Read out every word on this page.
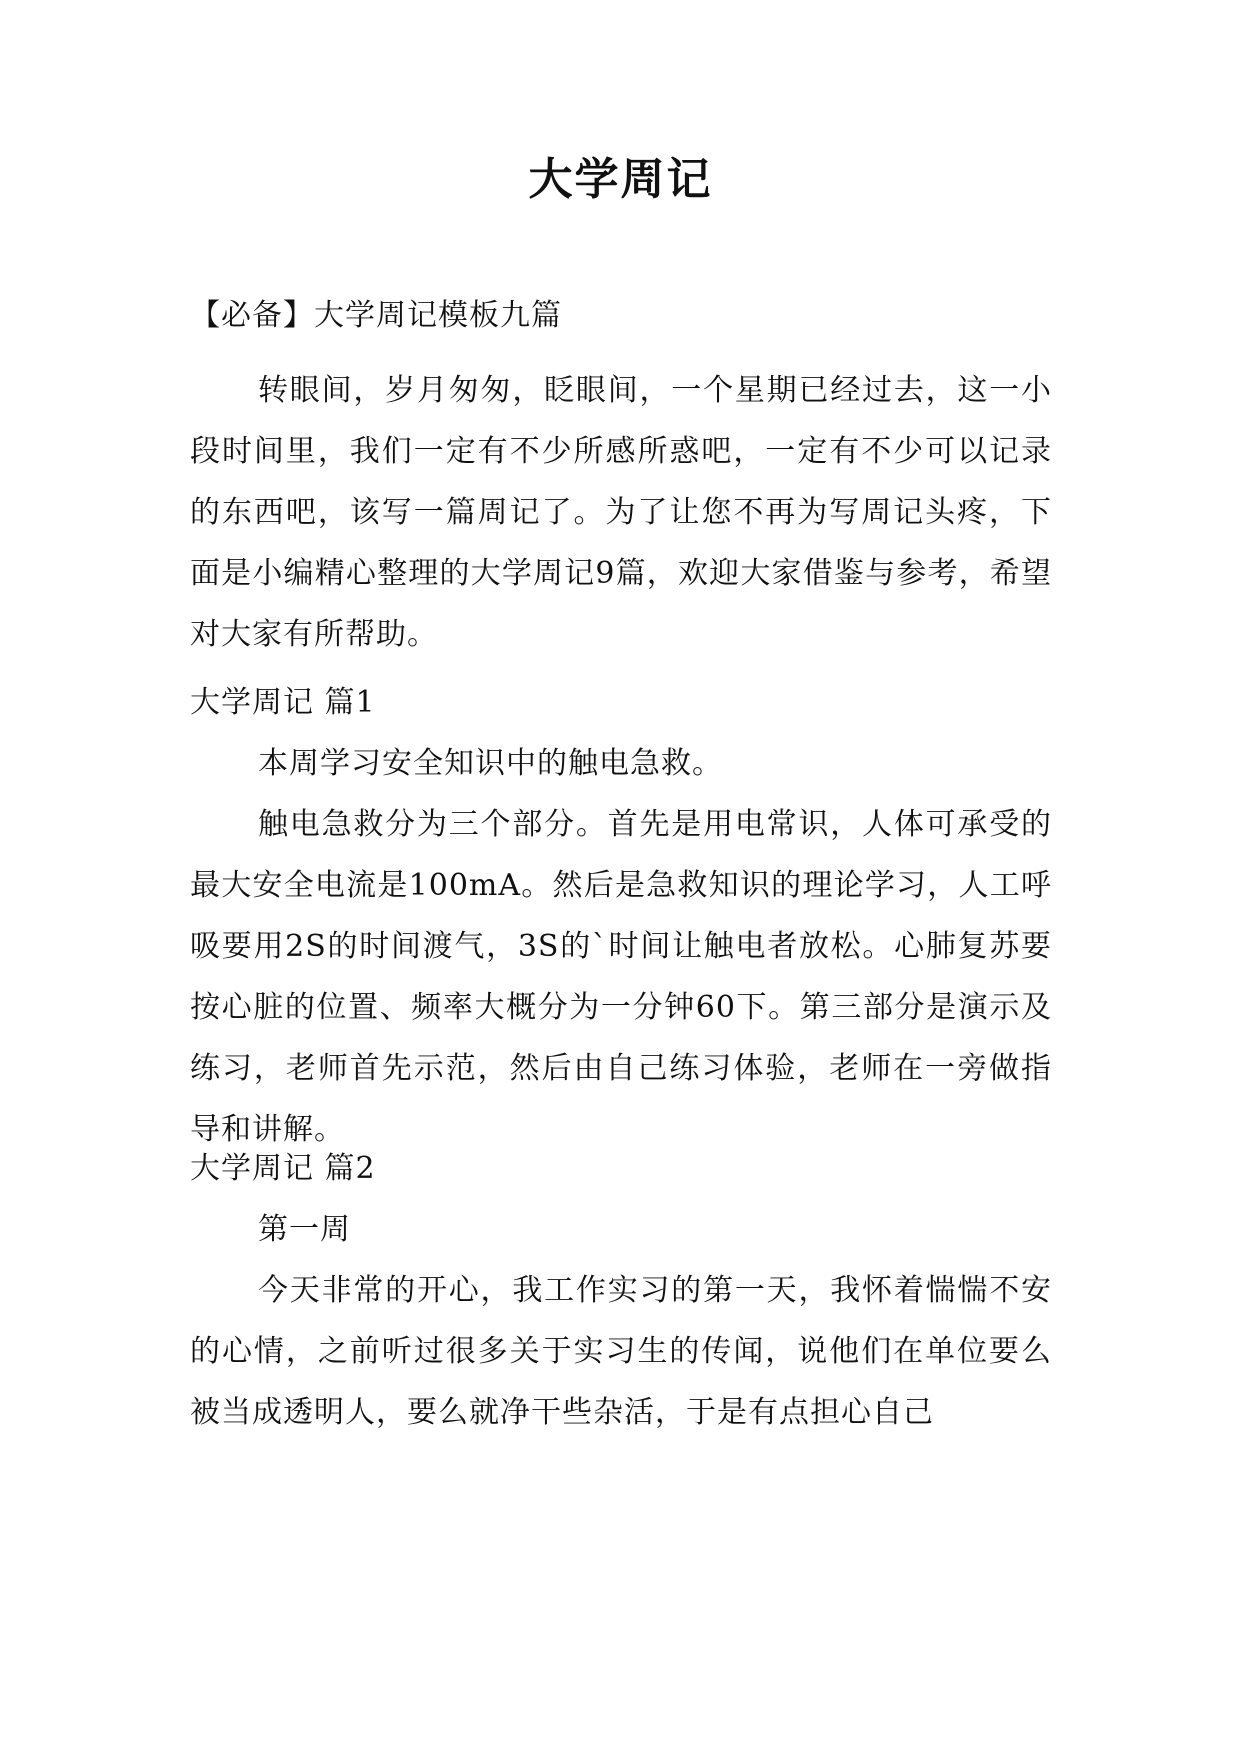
大学周记
【必备】大学周记模板九篇

转眼间，岁月匆匆，眨眼间，一个星期已经过去，这一小段时间里，我们一定有不少所感所惑吧，一定有不少可以记录的东西吧，该写一篇周记了。为了让您不再为写周记头疼，下面是小编精心整理的大学周记9篇，欢迎大家借鉴与参考，希望对大家有所帮助。

大学周记 篇1

本周学习安全知识中的触电急救。

触电急救分为三个部分。首先是用电常识，人体可承受的最大安全电流是100mA。然后是急救知识的理论学习，人工呼吸要用2S的时间渡气，3S的`时间让触电者放松。心肺复苏要按心脏的位置、频率大概分为一分钟60下。第三部分是演示及练习，老师首先示范，然后由自己练习体验，老师在一旁做指导和讲解。

大学周记 篇2

第一周

今天非常的开心，我工作实习的第一天，我怀着惴惴不安的心情，之前听过很多关于实习生的传闻，说他们在单位要么被当成透明人，要么就净干些杂活，于是有点担心自己
